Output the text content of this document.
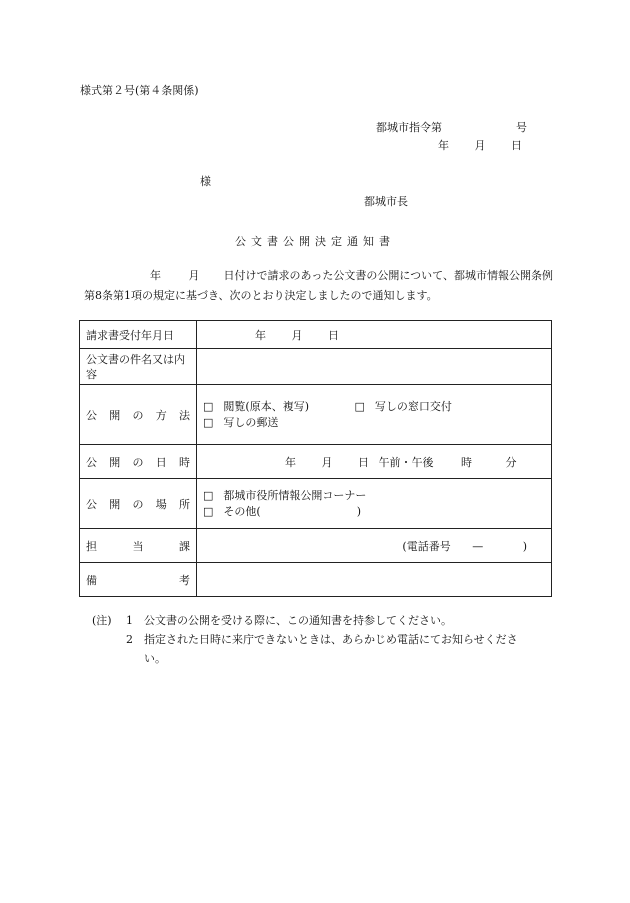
様式第２号(第４条関係)
都城市指令第	号
年 月 日
様
都城市長
公文書公開決定通知書
年	月 日付けで請求のあった公文書の公開について、都城市情報公開条例第8条第1項の規定に基づき、次のとおり決定しましたので通知します。
請求書受付年月日	年 月 日
公文書の件名又は内容	
公開の方法	□ 閲覧(原本、複写) □ 写しの窓口交付
□ 写しの郵送

公開の日時	年 月 日 午前・午後 時 分
公開の場所	□ 都城市役所情報公開コーナー
□ その他( )

担当課	(電話番号 — )
備考	
(注)	1	公文書の公開を受ける際に、この通知書を持参してください。
2	指定された日時に来庁できないときは、あらかじめ電話にてお知らせください。
